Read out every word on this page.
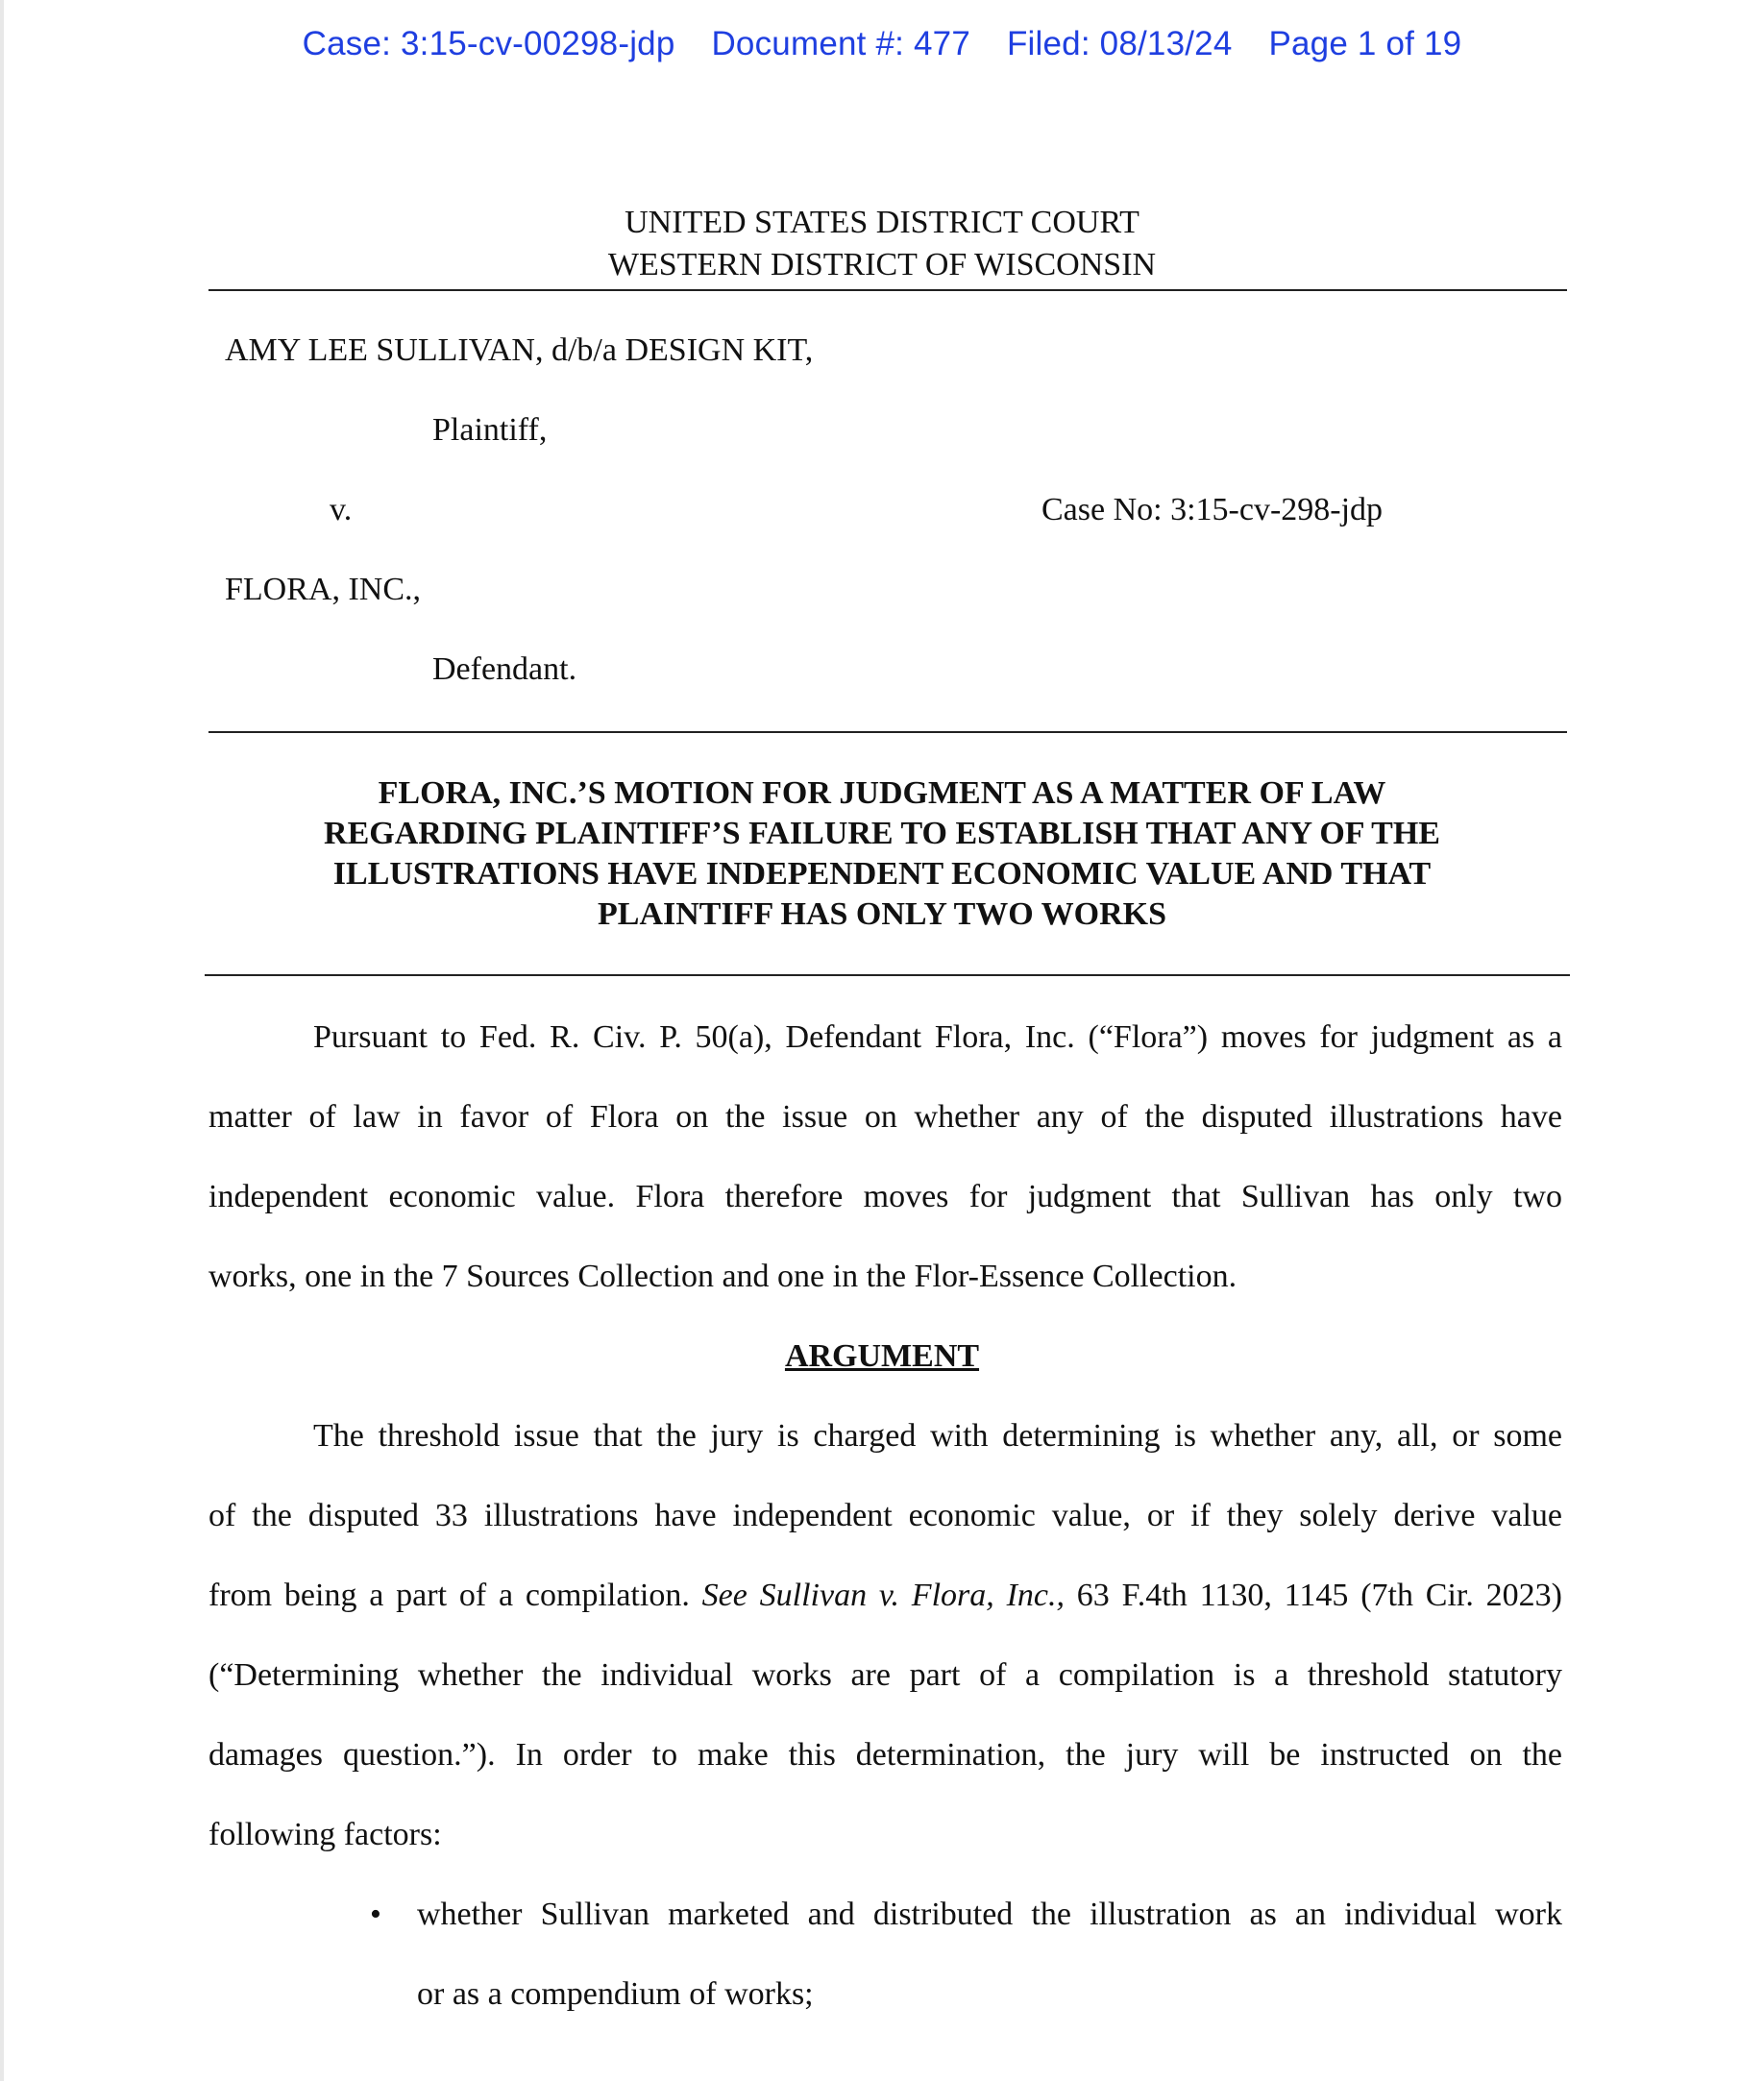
Case: 3:15-cv-00298-jdp Document #: 477 Filed: 08/13/24 Page 1 of 19
UNITED STATES DISTRICT COURT
WESTERN DISTRICT OF WISCONSIN
AMY LEE SULLIVAN, d/b/a DESIGN KIT,
Plaintiff,
v.	Case No: 3:15-cv-298-jdp
FLORA, INC.,
Defendant.
FLORA, INC.’S MOTION FOR JUDGMENT AS A MATTER OF LAW
REGARDING PLAINTIFF’S FAILURE TO ESTABLISH THAT ANY OF THE
ILLUSTRATIONS HAVE INDEPENDENT ECONOMIC VALUE AND THAT
PLAINTIFF HAS ONLY TWO WORKS
Pursuant to Fed. R. Civ. P. 50(a), Defendant Flora, Inc. (“Flora”) moves for judgment as a
matter of law in favor of Flora on the issue on whether any of the disputed illustrations have
independent economic value. Flora therefore moves for judgment that Sullivan has only two
works, one in the 7 Sources Collection and one in the Flor-Essence Collection.
ARGUMENT
The threshold issue that the jury is charged with determining is whether any, all, or some
of the disputed 33 illustrations have independent economic value, or if they solely derive value
from being a part of a compilation. See Sullivan v. Flora, Inc., 63 F.4th 1130, 1145 (7th Cir. 2023)
(“Determining whether the individual works are part of a compilation is a threshold statutory
damages question.”). In order to make this determination, the jury will be instructed on the
following factors:
• whether Sullivan marketed and distributed the illustration as an individual work
or as a compendium of works;
